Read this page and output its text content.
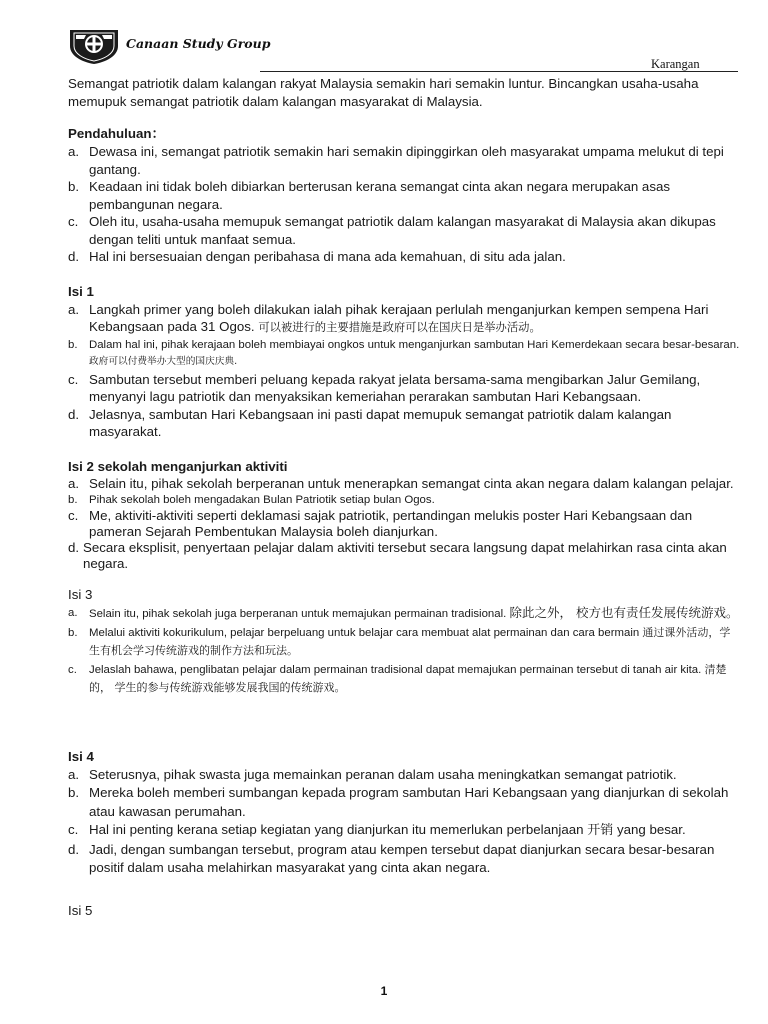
Canaan Study Group
Karangan

Semangat patriotik dalam kalangan rakyat Malaysia semakin hari semakin luntur. Bincangkan usaha-usaha memupuk semangat patriotik dalam kalangan masyarakat di Malaysia.

Pendahuluan：

a. Dewasa ini, semangat patriotik semakin hari semakin dipinggirkan oleh masyarakat umpama melukut di tepi gantang.
b. Keadaan ini tidak boleh dibiarkan berterusan kerana semangat cinta akan negara merupakan asas pembangunan negara.
c. Oleh itu, usaha-usaha memupuk semangat patriotik dalam kalangan masyarakat di Malaysia akan dikupas dengan teliti untuk manfaat semua.
d. Hal ini bersesuaian dengan peribahasa di mana ada kemahuan, di situ ada jalan.

Isi 1

a. Langkah primer yang boleh dilakukan ialah pihak kerajaan perlulah menganjurkan kempen sempena Hari Kebangsaan pada 31 Ogos. 可以被进行的主要措施是政府可以在国庆日是举办活动。
b. Dalam hal ini, pihak kerajaan boleh membiayai ongkos untuk menganjurkan sambutan Hari Kemerdekaan secara besar-besaran. 政府可以付费举办大型的国庆庆典.
c. Sambutan tersebut memberi peluang kepada rakyat jelata bersama-sama mengibarkan Jalur Gemilang, menyanyi lagu patriotik dan menyaksikan kemeriahan perarakan sambutan Hari Kebangsaan.
d. Jelasnya, sambutan Hari Kebangsaan ini pasti dapat memupuk semangat patriotik dalam kalangan masyarakat.

Isi 2 sekolah menganjurkan aktiviti

a. Selain itu, pihak sekolah berperanan untuk menerapkan semangat cinta akan negara dalam kalangan pelajar.
b. Pihak sekolah boleh mengadakan Bulan Patriotik setiap bulan Ogos.
c. Me, aktiviti-aktiviti seperti deklamasi sajak patriotik, pertandingan melukis poster Hari Kebangsaan dan pameran Sejarah Pembentukan Malaysia boleh dianjurkan.
d. Secara eksplisit, penyertaan pelajar dalam aktiviti tersebut secara langsung dapat melahirkan rasa cinta akan negara.

Isi 3

a. Selain itu, pihak sekolah juga berperanan untuk memajukan permainan tradisional. 除此之外， 校方也有责任发展传统游戏。
b. Melalui aktiviti kokurikulum, pelajar berpeluang untuk belajar cara membuat alat permainan dan cara bermain 通过课外活动，学生有机会学习传统游戏的制作方法和玩法。
c. Jelaslah bahawa, penglibatan pelajar dalam permainan tradisional dapat memajukan permainan tersebut di tanah air kita. 清楚的， 学生的参与传统游戏能够发展我国的传统游戏。

Isi 4

a. Seterusnya, pihak swasta juga memainkan peranan dalam usaha meningkatkan semangat patriotik.
b. Mereka boleh memberi sumbangan kepada program sambutan Hari Kebangsaan yang dianjurkan di sekolah atau kawasan perumahan.
c. Hal ini penting kerana setiap kegiatan yang dianjurkan itu memerlukan perbelanjaan 开销 yang besar.
d. Jadi, dengan sumbangan tersebut, program atau kempen tersebut dapat dianjurkan secara besar-besaran positif dalam usaha melahirkan masyarakat yang cinta akan negara.

Isi 5

1
